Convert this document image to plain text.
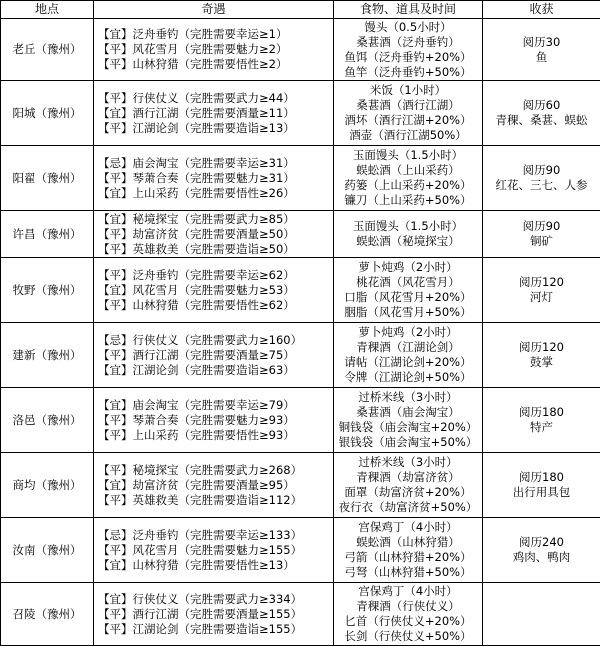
地点	奇遇	食物、道具及时间	收获
老丘（豫州）	【宜】泛舟垂钓（完胜需要幸运≥1）
【平】风花雪月（完胜需要魅力≥2）
【平】山林狩猎（完胜需要悟性≥2）	馒头（0.5小时）
桑葚酒（泛舟垂钓）
鱼饵（泛舟垂钓+20%）
鱼竿（泛舟垂钓+50%）	阅历30
鱼

阳城（豫州）	【平】行侠仗义（完胜需要武力≥44）
【宜】酒行江湖（完胜需要酒量≥11）
【平】江湖论剑（完胜需要造诣≥13）	米饭（1小时）
桑葚酒（酒行江湖）
酒坏（酒行江湖+20%）
酒壶（酒行江湖50%）	阅历60
青稞、桑葚、蜈蚣

阳翟（豫州）	【忌】庙会淘宝（完胜需要幸运≥31）
【平】琴萧合奏（完胜需要魅力≥31）
【宜】上山采药（完胜需要悟性≥26）	玉面馒头（1.5小时）
蜈蚣酒（上山采药）
药篓（上山采药+20%）
镰刀（上山采药+50%）	阅历90
红花、三七、人参

许昌（豫州）	【宜】秘境探宝（完胜需要武力≥85）
【平】劫富济贫（完胜需要酒量≥50）
【平】英雄救美（完胜需要造诣≥50）	玉面馒头（1.5小时）
蜈蚣酒（秘境探宝）	阅历90
铜矿

牧野（豫州）	【平】泛舟垂钓（完胜需要幸运≥62）
【宜】风花雪月（完胜需要魅力≥53）
【平】山林狩猎（完胜需要悟性≥62）	萝卜炖鸡（2小时）
桃花酒（风花雪月）
口脂（风花雪月+20%）
胭脂（风花雪月+50%）	阅历120
河灯

建新（豫州）	【忌】行侠仗义（完胜需要武力≥160）
【平】酒行江湖（完胜需要酒量≥75）
【宜】江湖论剑（完胜需要造诣≥63）	萝卜炖鸡（2小时）
青稞酒（江湖论剑）
请帖（江湖论剑+20%）
令牌（江湖论剑+50%）	阅历120
鼓掌

洛邑（豫州）	【宜】庙会淘宝（完胜需要幸运≥79）
【平】琴萧合奏（完胜需要魅力≥93）
【平】上山采药（完胜需要悟性≥93）	过桥米线（3小时）
桑葚酒（庙会淘宝）
铜钱袋（庙会淘宝+20%）
银钱袋（庙会淘宝+50%）	阅历180
特产

商均（豫州）	【平】秘境探宝（完胜需要武力≥268）
【宜】劫富济贫（完胜需要酒量≥95）
【平】英雄救美（完胜需要造诣≥112）	过桥米线（3小时）
青稞酒（劫富济贫）
面罩（劫富济贫+20%）
夜行衣（劫富济贫+50%）	阅历180
出行用具包

汝南（豫州）	【忌】泛舟垂钓（完胜需要幸运≥133）
【平】风花雪月（完胜需要魅力≥155）
【宜】山林狩猎（完胜需要悟性≥13）	宫保鸡丁（4小时）
蜈蚣酒（山林狩猎）
弓箭（山林狩猎+20%）
弓弩（山林狩猎+50%）	阅历240
鸡肉、鸭肉

召陵（豫州）	【宜】行侠仗义（完胜需要武力≥334）
【平】酒行江湖（完胜需要酒量≥155）
【平】江湖论剑（完胜需要造诣≥155）	宫保鸡丁（4小时）
青稞酒（行侠仗义）
匕首（行侠仗义+20%）
长剑（行侠仗义+50%）	
